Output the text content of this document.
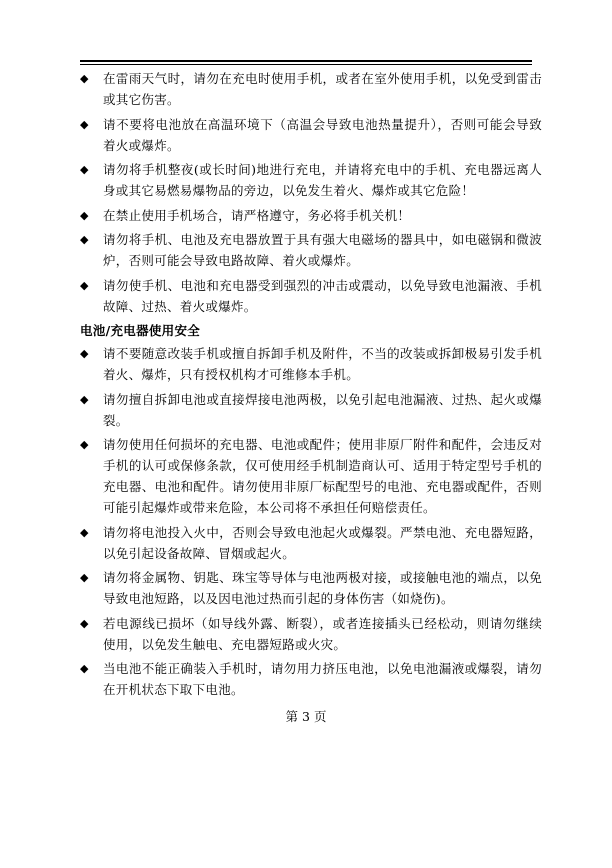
◆ 在雷雨天气时，请勿在充电时使用手机，或者在室外使用手机，以免受到雷击或其它伤害。
◆ 请不要将电池放在高温环境下（高温会导致电池热量提升），否则可能会导致着火或爆炸。
◆ 请勿将手机整夜(或长时间)地进行充电，并请将充电中的手机、充电器远离人身或其它易燃易爆物品的旁边，以免发生着火、爆炸或其它危险！
◆ 在禁止使用手机场合，请严格遵守，务必将手机关机！
◆ 请勿将手机、电池及充电器放置于具有强大电磁场的器具中，如电磁锅和微波炉，否则可能会导致电路故障、着火或爆炸。
◆ 请勿使手机、电池和充电器受到强烈的冲击或震动，以免导致电池漏液、手机故障、过热、着火或爆炸。
电池/充电器使用安全
◆ 请不要随意改装手机或擅自拆卸手机及附件，不当的改装或拆卸极易引发手机着火、爆炸，只有授权机构才可维修本手机。
◆ 请勿擅自拆卸电池或直接焊接电池两极，以免引起电池漏液、过热、起火或爆裂。
◆ 请勿使用任何损坏的充电器、电池或配件；使用非原厂附件和配件，会违反对手机的认可或保修条款，仅可使用经手机制造商认可、适用于特定型号手机的充电器、电池和配件。请勿使用非原厂标配型号的电池、充电器或配件，否则可能引起爆炸或带来危险，本公司将不承担任何赔偿责任。
◆ 请勿将电池投入火中，否则会导致电池起火或爆裂。严禁电池、充电器短路，以免引起设备故障、冒烟或起火。
◆ 请勿将金属物、钥匙、珠宝等导体与电池两极对接，或接触电池的端点，以免导致电池短路，以及因电池过热而引起的身体伤害（如烧伤)。
◆ 若电源线已损坏（如导线外露、断裂），或者连接插头已经松动，则请勿继续使用，以免发生触电、充电器短路或火灾。
◆ 当电池不能正确装入手机时，请勿用力挤压电池，以免电池漏液或爆裂，请勿在开机状态下取下电池。
第 3 页
